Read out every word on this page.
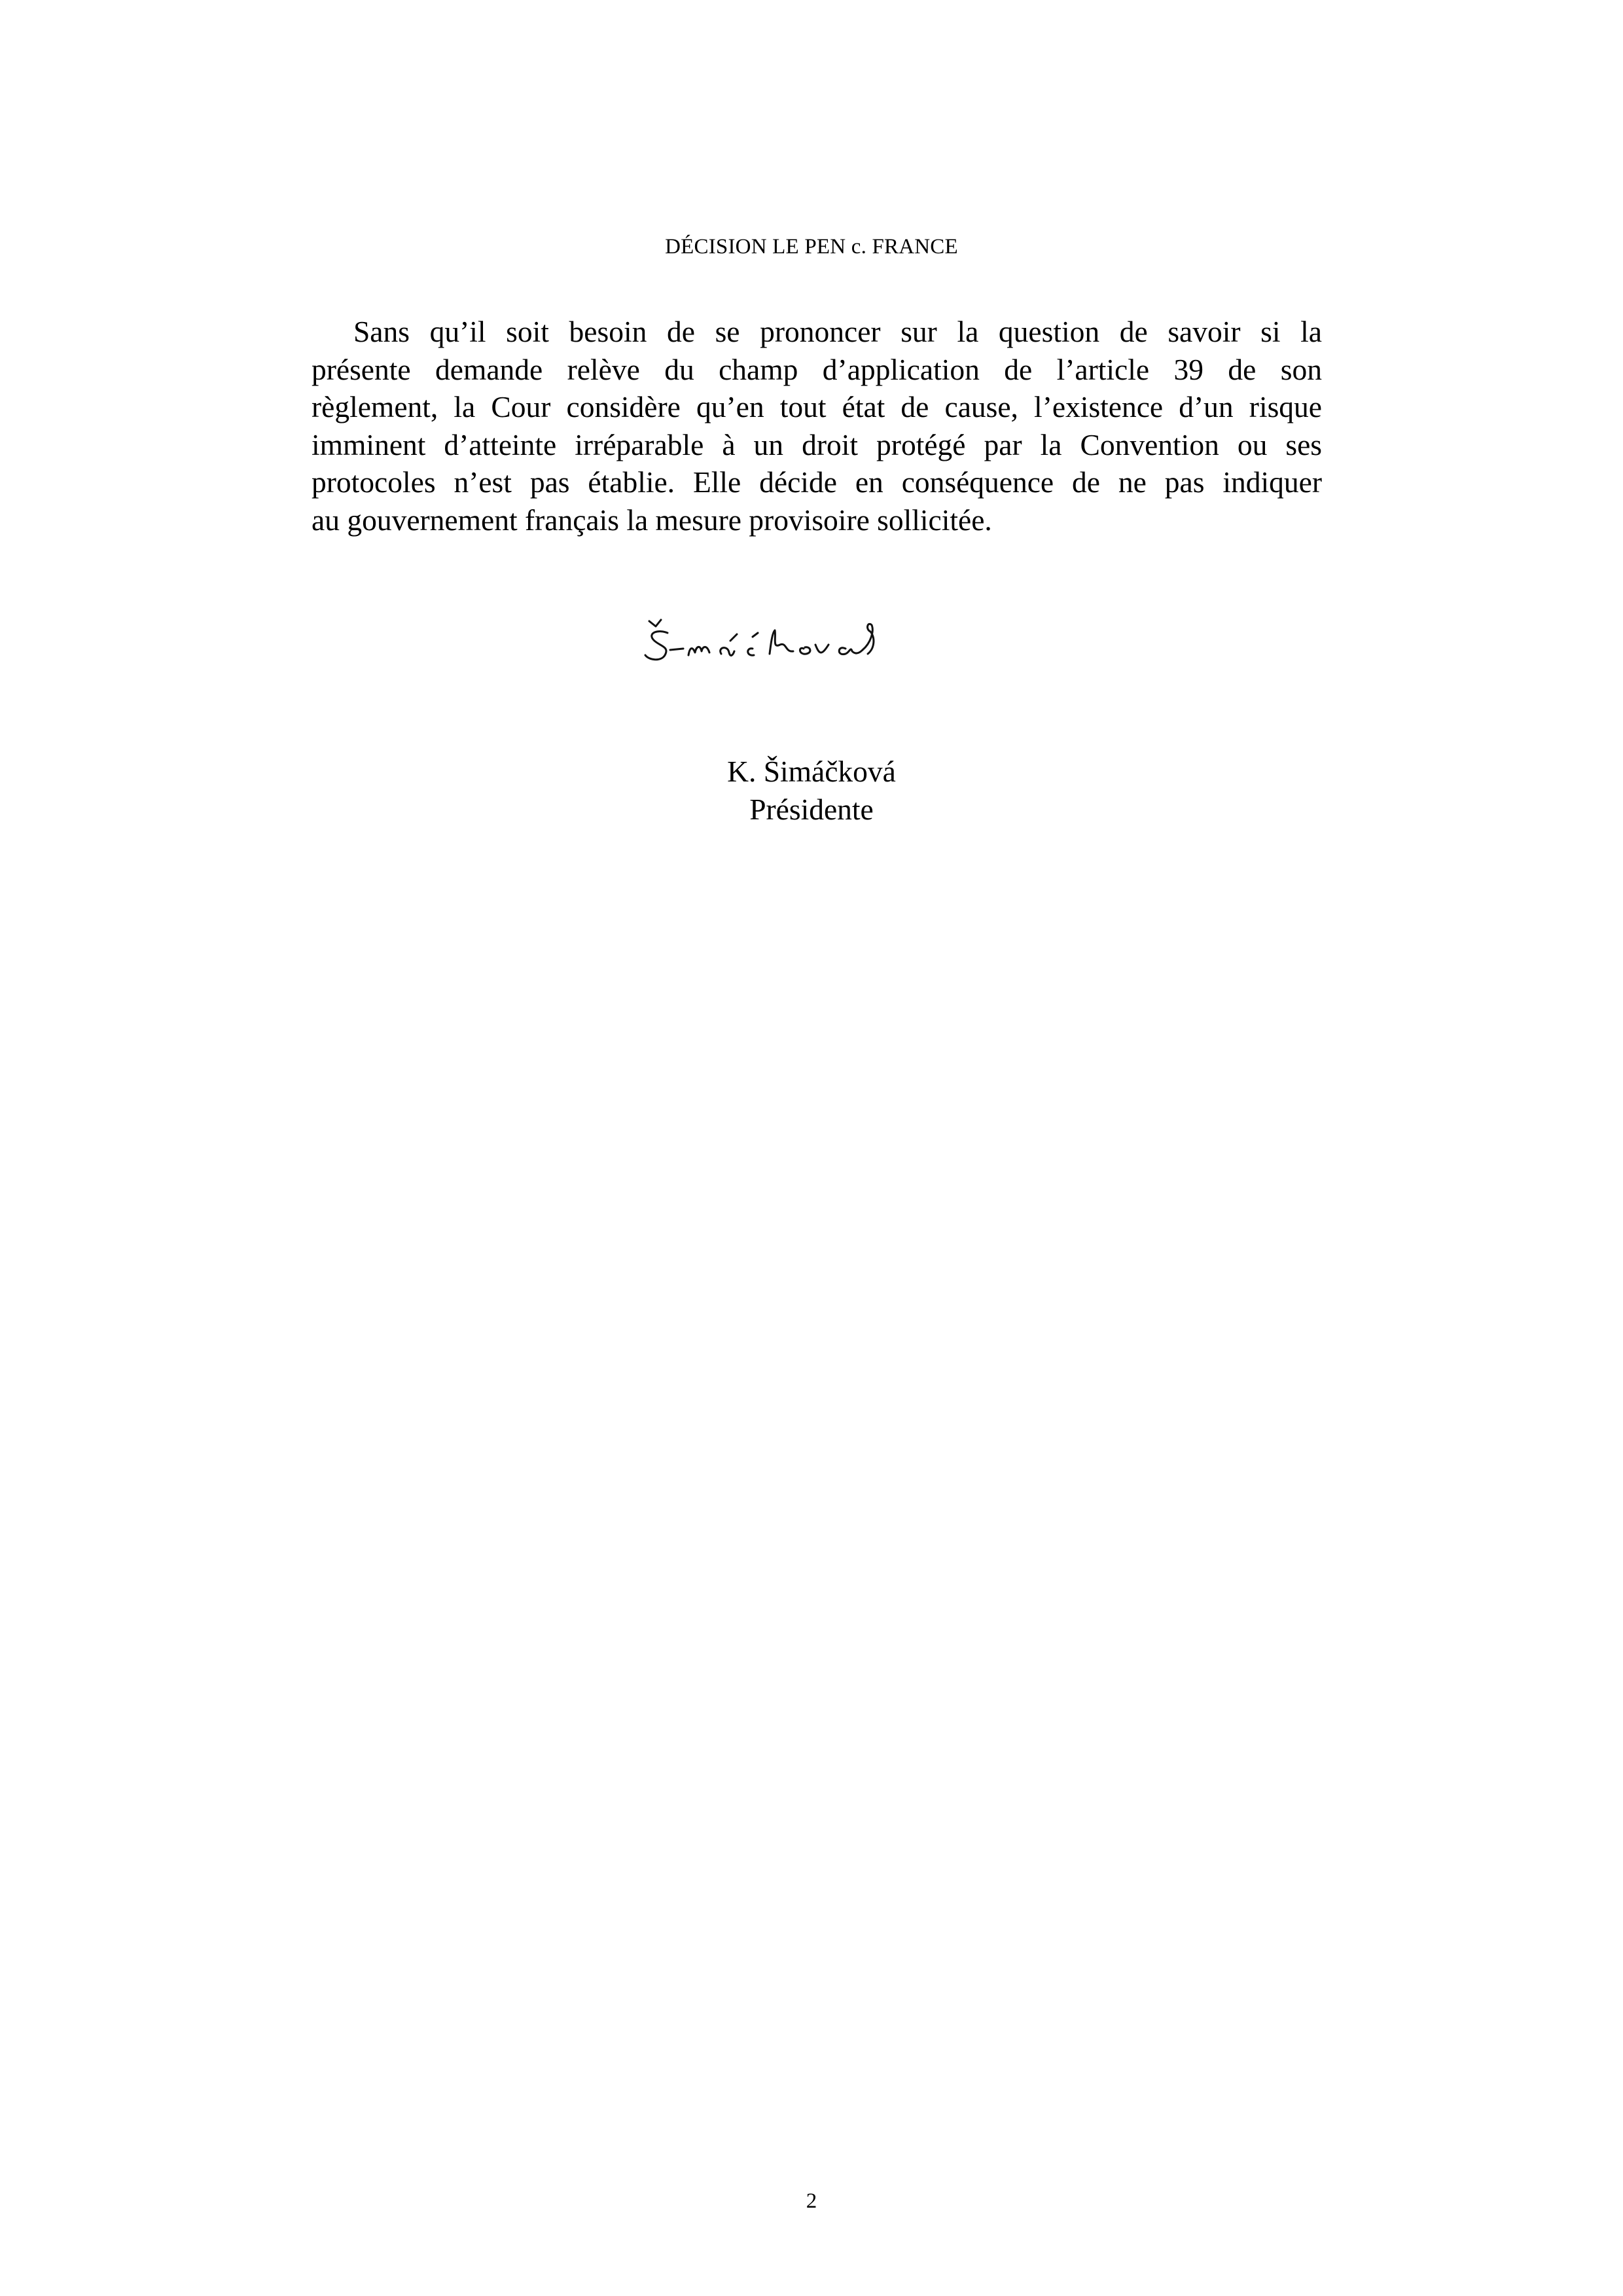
DÉCISION LE PEN c. FRANCE
Sans qu’il soit besoin de se prononcer sur la question de savoir si la
présente demande relève du champ d’application de l’article 39 de son
règlement, la Cour considère qu’en tout état de cause, l’existence d’un risque
imminent d’atteinte irréparable à un droit protégé par la Convention ou ses
protocoles n’est pas établie. Elle décide en conséquence de ne pas indiquer
au gouvernement français la mesure provisoire sollicitée.
K. Šimáčková
Présidente
2
